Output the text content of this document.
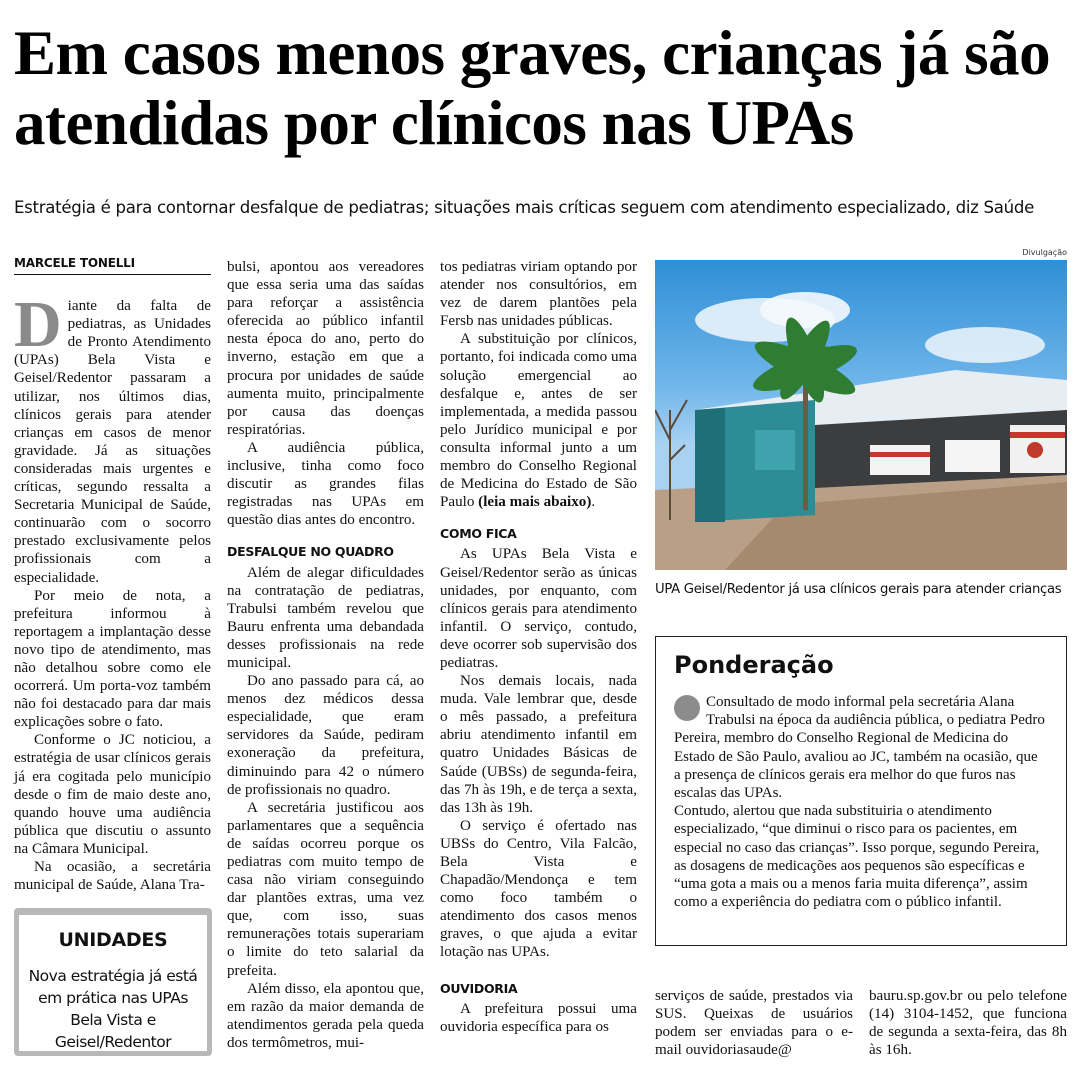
Em casos menos graves, crianças já são atendidas por clínicos nas UPAs
Estratégia é para contornar desfalque de pediatras; situações mais críticas seguem com atendimento especializado, diz Saúde
MARCELE TONELLI

Diante da falta de pediatras, as Unidades de Pronto Atendimento (UPAs) Bela Vista e Geisel/Redentor passaram a utilizar, nos últimos dias, clínicos gerais para atender crianças em casos de menor gravidade. Já as situações consideradas mais urgentes e críticas, segundo ressalta a Secretaria Municipal de Saúde, continuarão com o socorro prestado exclusivamente pelos profissionais com a especialidade.

Por meio de nota, a prefeitura informou à reportagem a implantação desse novo tipo de atendimento, mas não detalhou sobre como ele ocorrerá. Um porta-voz também não foi destacado para dar mais explicações sobre o fato.

Conforme o JC noticiou, a estratégia de usar clínicos gerais já era cogitada pelo município desde o fim de maio deste ano, quando houve uma audiência pública que discutiu o assunto na Câmara Municipal.

Na ocasião, a secretária municipal de Saúde, Alana Tra-

bulsi, apontou aos vereadores que essa seria uma das saídas para reforçar a assistência oferecida ao público infantil nesta época do ano, perto do inverno, estação em que a procura por unidades de saúde aumenta muito, principalmente por causa das doenças respiratórias.

A audiência pública, inclusive, tinha como foco discutir as grandes filas registradas nas UPAs em questão dias antes do encontro.

DESFALQUE NO QUADRO

Além de alegar dificuldades na contratação de pediatras, Trabulsi também revelou que Bauru enfrenta uma debandada desses profissionais na rede municipal.

Do ano passado para cá, ao menos dez médicos dessa especialidade, que eram servidores da Saúde, pediram exoneração da prefeitura, diminuindo para 42 o número de profissionais no quadro.

A secretária justificou aos parlamentares que a sequência de saídas ocorreu porque os pediatras com muito tempo de casa não viriam conseguindo dar plantões extras, uma vez que, com isso, suas remunerações totais superariam o limite do teto salarial da prefeita.

Além disso, ela apontou que, em razão da maior demanda de atendimentos gerada pela queda dos termômetros, mui-

tos pediatras viriam optando por atender nos consultórios, em vez de darem plantões pela Fersb nas unidades públicas.

A substituição por clínicos, portanto, foi indicada como uma solução emergencial ao desfalque e, antes de ser implementada, a medida passou pelo Jurídico municipal e por consulta informal junto a um membro do Conselho Regional de Medicina do Estado de São Paulo (leia mais abaixo).

COMO FICA

As UPAs Bela Vista e Geisel/Redentor serão as únicas unidades, por enquanto, com clínicos gerais para atendimento infantil. O serviço, contudo, deve ocorrer sob supervisão dos pediatras.

Nos demais locais, nada muda. Vale lembrar que, desde o mês passado, a prefeitura abriu atendimento infantil em quatro Unidades Básicas de Saúde (UBSs) de segunda-feira, das 7h às 19h, e de terça a sexta, das 13h às 19h.

O serviço é ofertado nas UBSs do Centro, Vila Falcão, Bela Vista e Chapadão/Mendonça e tem como foco também o atendimento dos casos menos graves, o que ajuda a evitar lotação nas UPAs.

OUVIDORIA

A prefeitura possui uma ouvidoria específica para os

serviços de saúde, prestados via SUS. Queixas de usuários podem ser enviadas para o e-mail ouvidoriasaude@

bauru.sp.gov.br ou pelo telefone (14) 3104-1452, que funciona de segunda a sexta-feira, das 8h às 16h.

Divulgação
UPA Geisel/Redentor já usa clínicos gerais para atender crianças
Ponderação

Consultado de modo informal pela secretária Alana Trabulsi na época da audiência pública, o pediatra Pedro Pereira, membro do Conselho Regional de Medicina do Estado de São Paulo, avaliou ao JC, também na ocasião, que a presença de clínicos gerais era melhor do que furos nas escalas das UPAs.

Contudo, alertou que nada substituiria o atendimento especializado, “que diminui o risco para os pacientes, em especial no caso das crianças”. Isso porque, segundo Pereira, as dosagens de medicações aos pequenos são específicas e “uma gota a mais ou a menos faria muita diferença”, assim como a experiência do pediatra com o público infantil.

UNIDADES
Nova estratégia já está em prática nas UPAs Bela Vista e Geisel/Redentor
